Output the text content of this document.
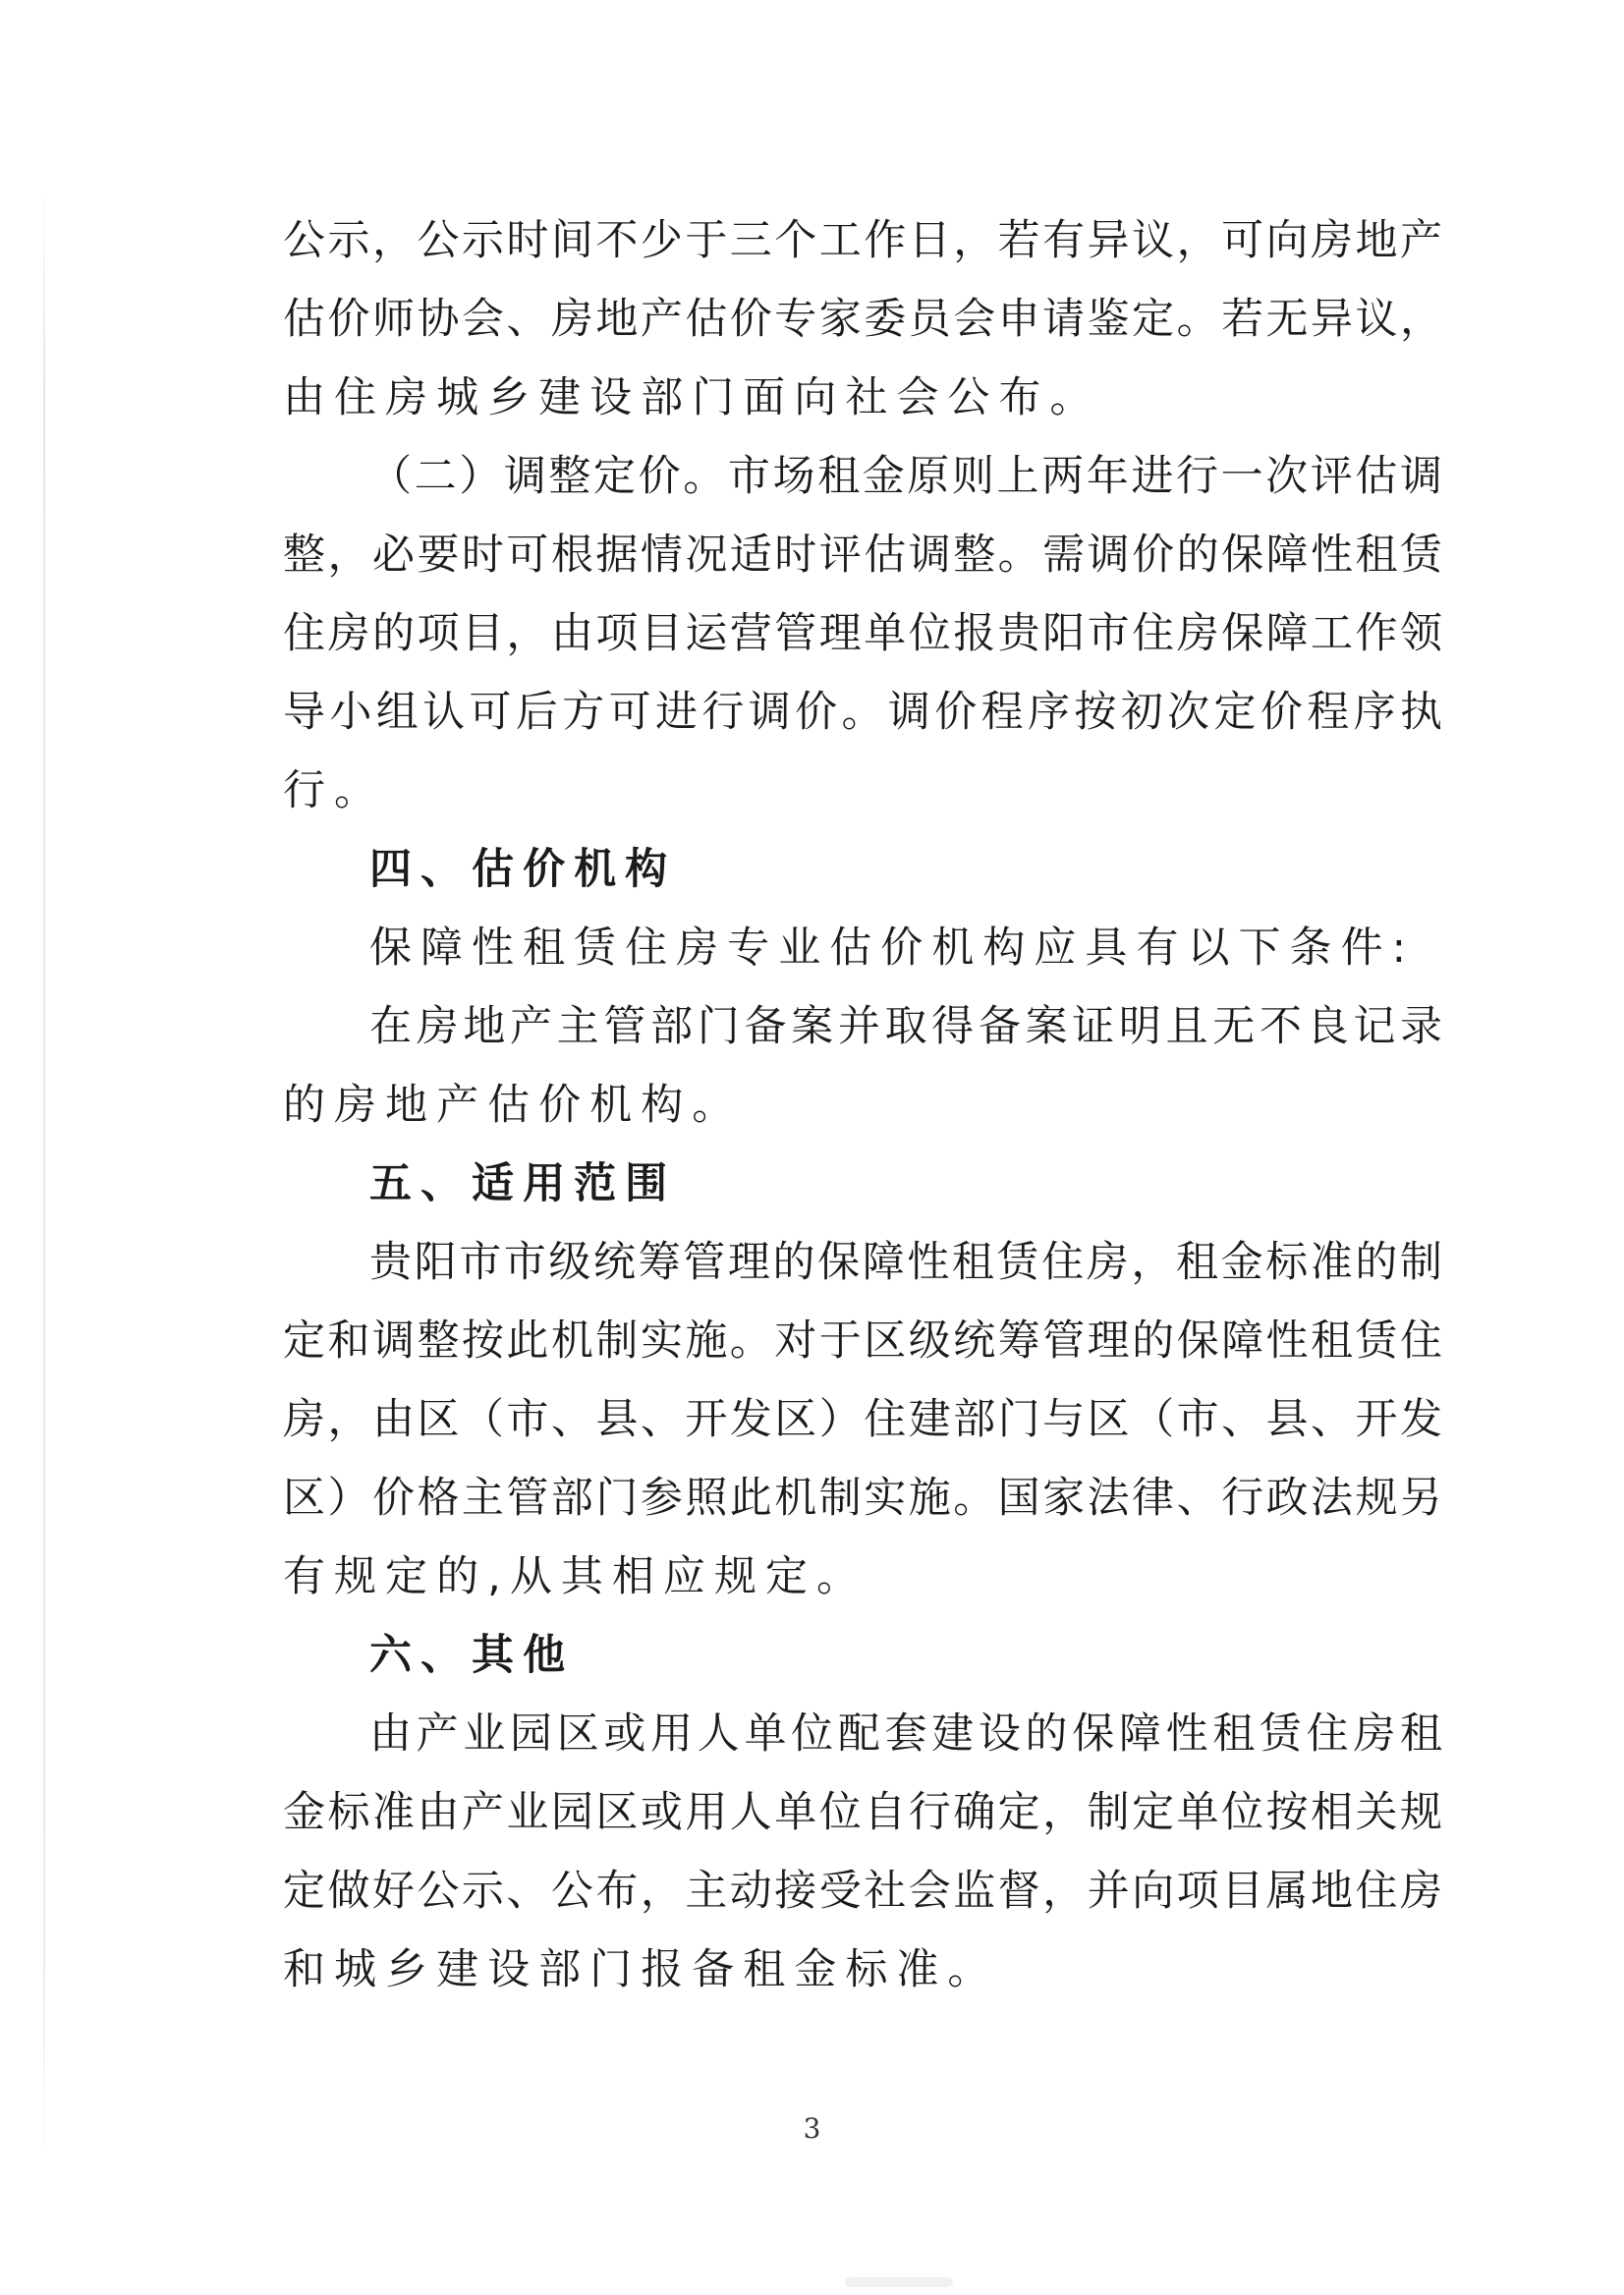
公示，公示时间不少于三个工作日，若有异议，可向房地产
估价师协会、房地产估价专家委员会申请鉴定。若无异议，
由住房城乡建设部门面向社会公布。
（二）调整定价。市场租金原则上两年进行一次评估调
整，必要时可根据情况适时评估调整。需调价的保障性租赁
住房的项目，由项目运营管理单位报贵阳市住房保障工作领
导小组认可后方可进行调价。调价程序按初次定价程序执
行。
四、估价机构
保障性租赁住房专业估价机构应具有以下条件:
在房地产主管部门备案并取得备案证明且无不良记录
的房地产估价机构。
五、适用范围
贵阳市市级统筹管理的保障性租赁住房，租金标准的制
定和调整按此机制实施。对于区级统筹管理的保障性租赁住
房，由区（市、县、开发区）住建部门与区（市、县、开发
区）价格主管部门参照此机制实施。国家法律、行政法规另
有规定的,从其相应规定。
六、其他
由产业园区或用人单位配套建设的保障性租赁住房租
金标准由产业园区或用人单位自行确定，制定单位按相关规
定做好公示、公布，主动接受社会监督，并向项目属地住房
和城乡建设部门报备租金标准。
3
